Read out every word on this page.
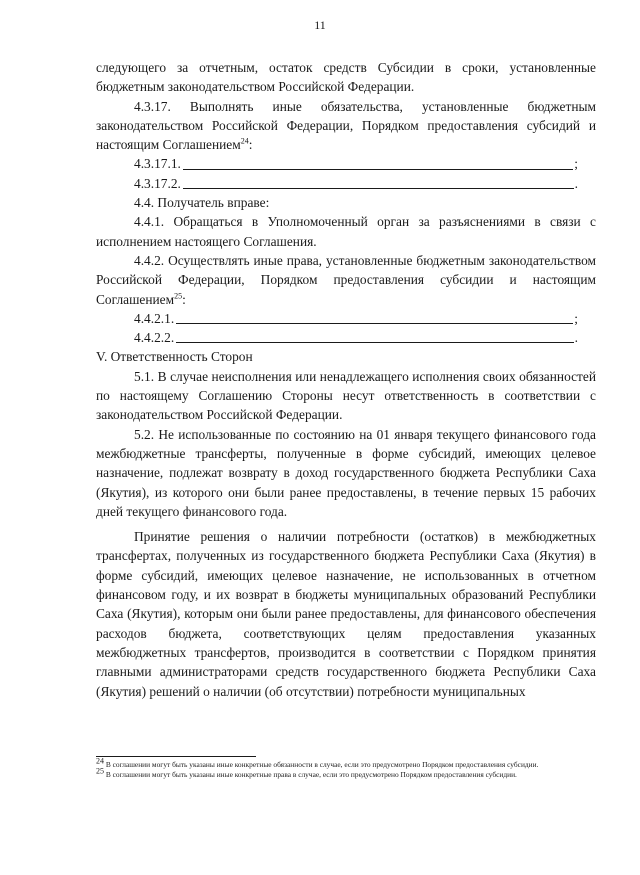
11

следующего за отчетным, остаток средств Субсидии в сроки, установленные бюджетным законодательством Российской Федерации.

4.3.17. Выполнять иные обязательства, установленные бюджетным законодательством Российской Федерации, Порядком предоставления субсидий и настоящим Соглашением$^{24}$:

4.3.17.1.	;

4.3.17.2.	.

4.4. Получатель вправе:

4.4.1. Обращаться в Уполномоченный орган за разъяснениями в связи с исполнением настоящего Соглашения.

4.4.2. Осуществлять иные права, установленные бюджетным законодательством Российской Федерации, Порядком предоставления субсидии и настоящим Соглашением$^{25}$:

4.4.2.1.	;

4.4.2.2.	.

V. Ответственность Сторон

5.1. В случае неисполнения или ненадлежащего исполнения своих обязанностей по настоящему Соглашению Стороны несут ответственность в соответствии с законодательством Российской Федерации.

5.2. Не использованные по состоянию на 01 января текущего финансового года межбюджетные трансферты, полученные в форме субсидий, имеющих целевое назначение, подлежат возврату в доход государственного бюджета Республики Саха (Якутия), из которого они были ранее предоставлены, в течение первых 15 рабочих дней текущего финансового года.

Принятие решения о наличии потребности (остатков) в межбюджетных трансфертах, полученных из государственного бюджета Республики Саха (Якутия) в форме субсидий, имеющих целевое назначение, не использованных в отчетном финансовом году, и их возврат в бюджеты муниципальных образований Республики Саха (Якутия), которым они были ранее предоставлены, для финансового обеспечения расходов бюджета, соответствующих целям предоставления указанных межбюджетных трансфертов, производится в соответствии с Порядком принятия главными администраторами средств государственного бюджета Республики Саха (Якутия) решений о наличии (об отсутствии) потребности муниципальных

$^{24}$ В соглашении могут быть указаны иные конкретные обязанности в случае, если это предусмотрено Порядком предоставления субсидии.

$^{25}$ В соглашении могут быть указаны иные конкретные права в случае, если это предусмотрено Порядком предоставления субсидии.
